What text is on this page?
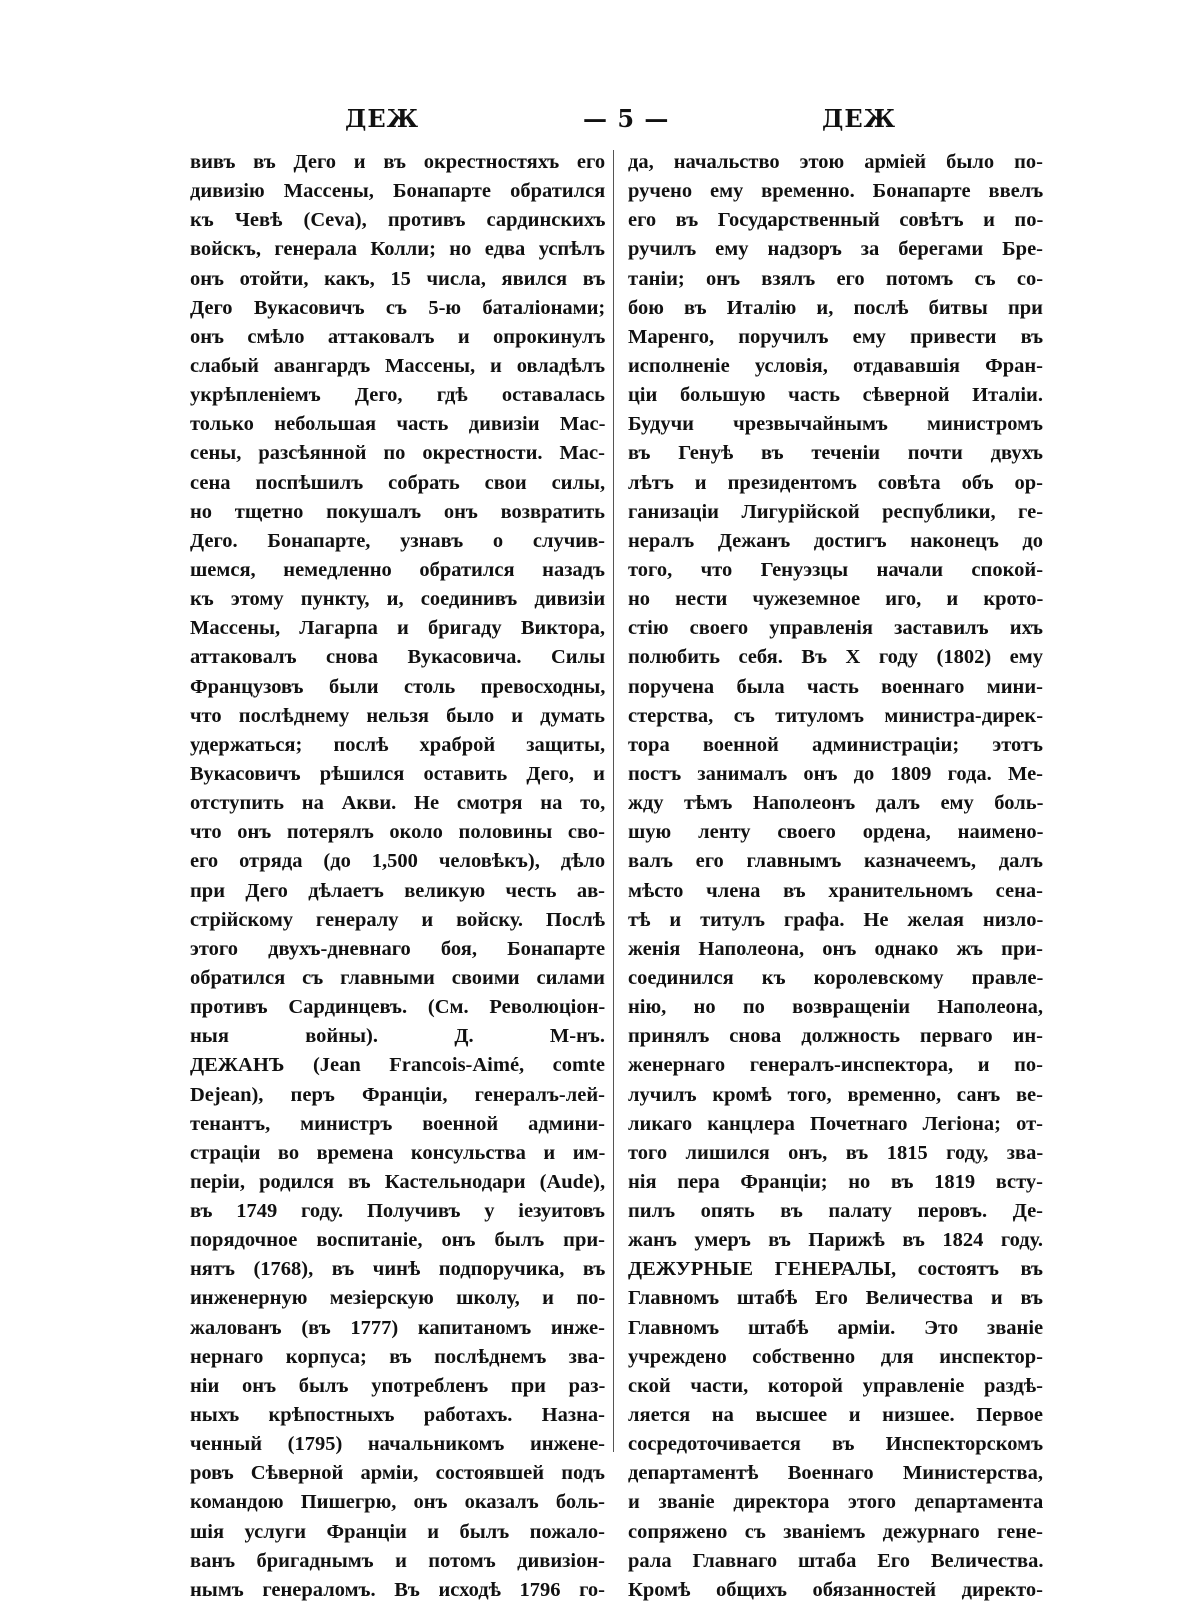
ДЕЖ	— 5 —	ДЕЖ
вивъ въ Дего и въ окрестностяхъ его
дивизію Массены, Бонапарте обратился
къ Чевѣ (Ceva), противъ сардинскихъ
войскъ, генерала Колли; но едва успѣлъ
онъ отойти, какъ, 15 числа, явился въ
Дего Вукасовичъ съ 5-ю баталіонами;
онъ смѣло аттаковалъ и опрокинулъ
слабый авангардъ Массены, и овладѣлъ
укрѣпленіемъ Дего, гдѣ оставалась
только небольшая часть дивизіи Мас-
сены, разсѣянной по окрестности. Мас-
сена поспѣшилъ собрать свои силы,
но тщетно покушалъ онъ возвратить
Дего. Бонапарте, узнавъ о случив-
шемся, немедленно обратился назадъ
къ этому пункту, и, соединивъ дивизіи
Массены, Лагарпа и бригаду Виктора,
аттаковалъ снова Вукасовича. Силы
Французовъ были столь превосходны,
что послѣднему нельзя было и думать
удержаться; послѣ храброй защиты,
Вукасовичъ рѣшился оставить Дего, и
отступить на Акви. Не смотря на то,
что онъ потерялъ около половины сво-
его отряда (до 1,500 человѣкъ), дѣло
при Дего дѣлаетъ великую честь ав-
стрійскому генералу и войску. Послѣ
этого двухъ-дневнаго боя, Бонапарте
обратился съ главными своими силами
противъ Сардинцевъ. (См. Революціон-
ныя войны). Д. М-нъ.
ДЕЖАНЪ (Jean Francois-Aimé, comte
Dejean), перъ Франціи, генералъ-лей-
тенантъ, министръ военной админи-
страціи во времена консульства и им-
періи, родился въ Кастельнодари (Aude),
въ 1749 году. Получивъ у іезуитовъ
порядочное воспитаніе, онъ былъ при-
нятъ (1768), въ чинѣ подпоручика, въ
инженерную мезіерскую школу, и по-
жалованъ (въ 1777) капитаномъ инже-
нернаго корпуса; въ послѣднемъ зва-
ніи онъ былъ употребленъ при раз-
ныхъ крѣпостныхъ работахъ. Назна-
ченный (1795) начальникомъ инжене-
ровъ Сѣверной арміи, состоявшей подъ
командою Пишегрю, онъ оказалъ боль-
шія услуги Франціи и былъ пожало-
ванъ бригаднымъ и потомъ дивизіон-
нымъ генераломъ. Въ исходѣ 1796 го-
да, начальство этою арміей было по-
ручено ему временно. Бонапарте ввелъ
его въ Государственный совѣтъ и по-
ручилъ ему надзоръ за берегами Бре-
таніи; онъ взялъ его потомъ съ со-
бою въ Италію и, послѣ битвы при
Маренго, поручилъ ему привести въ
исполненіе условія, отдававшія Фран-
ціи большую часть сѣверной Италіи.
Будучи чрезвычайнымъ министромъ
въ Генуѣ въ теченіи почти двухъ
лѣтъ и президентомъ совѣта объ ор-
ганизаціи Лигурійской республики, ге-
нералъ Дежанъ достигъ наконецъ до
того, что Генуэзцы начали спокой-
но нести чужеземное иго, и крото-
стію своего управленія заставилъ ихъ
полюбить себя. Въ X году (1802) ему
поручена была часть военнаго мини-
стерства, съ титуломъ министра-дирек-
тора военной администраціи; этотъ
постъ занималъ онъ до 1809 года. Ме-
жду тѣмъ Наполеонъ далъ ему боль-
шую ленту своего ордена, наимено-
валъ его главнымъ казначеемъ, далъ
мѣсто члена въ хранительномъ сена-
тѣ и титулъ графа. Не желая низло-
женія Наполеона, онъ однако жъ при-
соединился къ королевскому правле-
нію, но по возвращеніи Наполеона,
принялъ снова должность перваго ин-
женернаго генералъ-инспектора, и по-
лучилъ кромѣ того, временно, санъ ве-
ликаго канцлера Почетнаго Легіона; от-
того лишился онъ, въ 1815 году, зва-
нія пера Франціи; но въ 1819 всту-
пилъ опять въ палату перовъ. Де-
жанъ умеръ въ Парижѣ въ 1824 году.
ДЕЖУРНЫЕ ГЕНЕРАЛЫ, состоятъ въ
Главномъ штабѣ Его Величества и въ
Главномъ штабѣ арміи. Это званіе
учреждено собственно для инспектор-
ской части, которой управленіе раздѣ-
ляется на высшее и низшее. Первое
сосредоточивается въ Инспекторскомъ
департаментѣ Военнаго Министерства,
и званіе директора этого департамента
сопряжено съ званіемъ дежурнаго гене-
рала Главнаго штаба Его Величества.
Кромѣ общихъ обязанностей директо-
